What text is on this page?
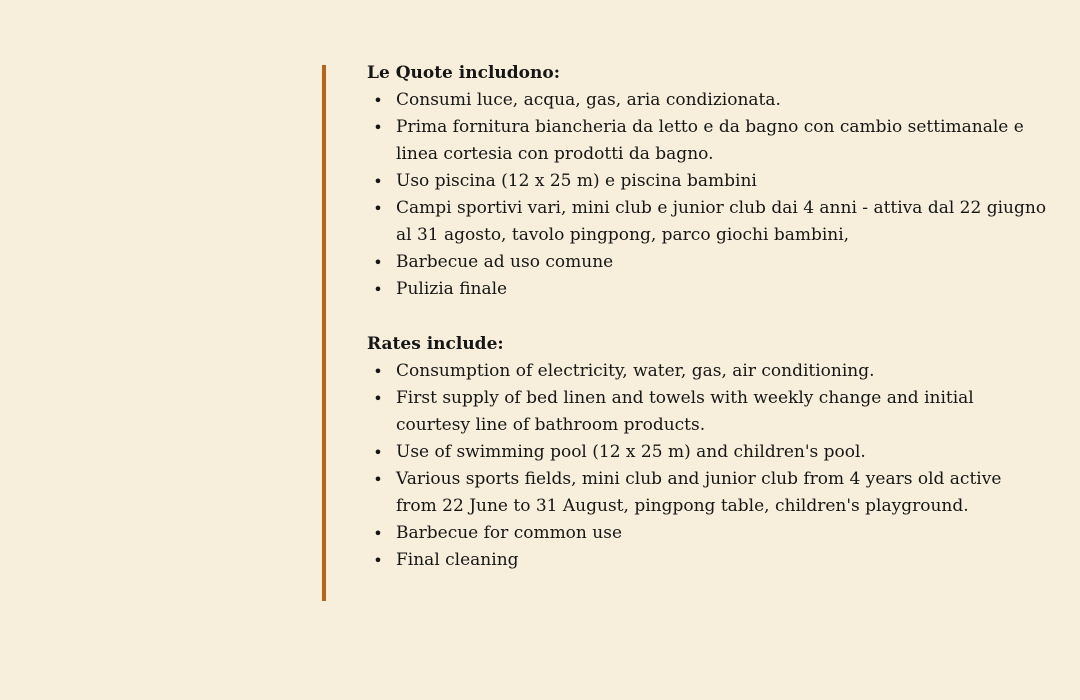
Le Quote includono:
• Consumi luce, acqua, gas, aria condizionata.
• Prima fornitura biancheria da letto e da bagno con cambio settimanale e linea cortesia con prodotti da bagno.
• Uso piscina (12 x 25 m) e piscina bambini
• Campi sportivi vari, mini club e junior club dai 4 anni - attiva dal 22 giugno al 31 agosto, tavolo pingpong, parco giochi bambini,
• Barbecue ad uso comune
• Pulizia finale
Rates include:
• Consumption of electricity, water, gas, air conditioning.
• First supply of bed linen and towels with weekly change and initial courtesy line of bathroom products.
• Use of swimming pool (12 x 25 m) and children's pool.
• Various sports fields, mini club and junior club from 4 years old active from 22 June to 31 August, pingpong table, children's playground.
• Barbecue for common use
• Final cleaning
